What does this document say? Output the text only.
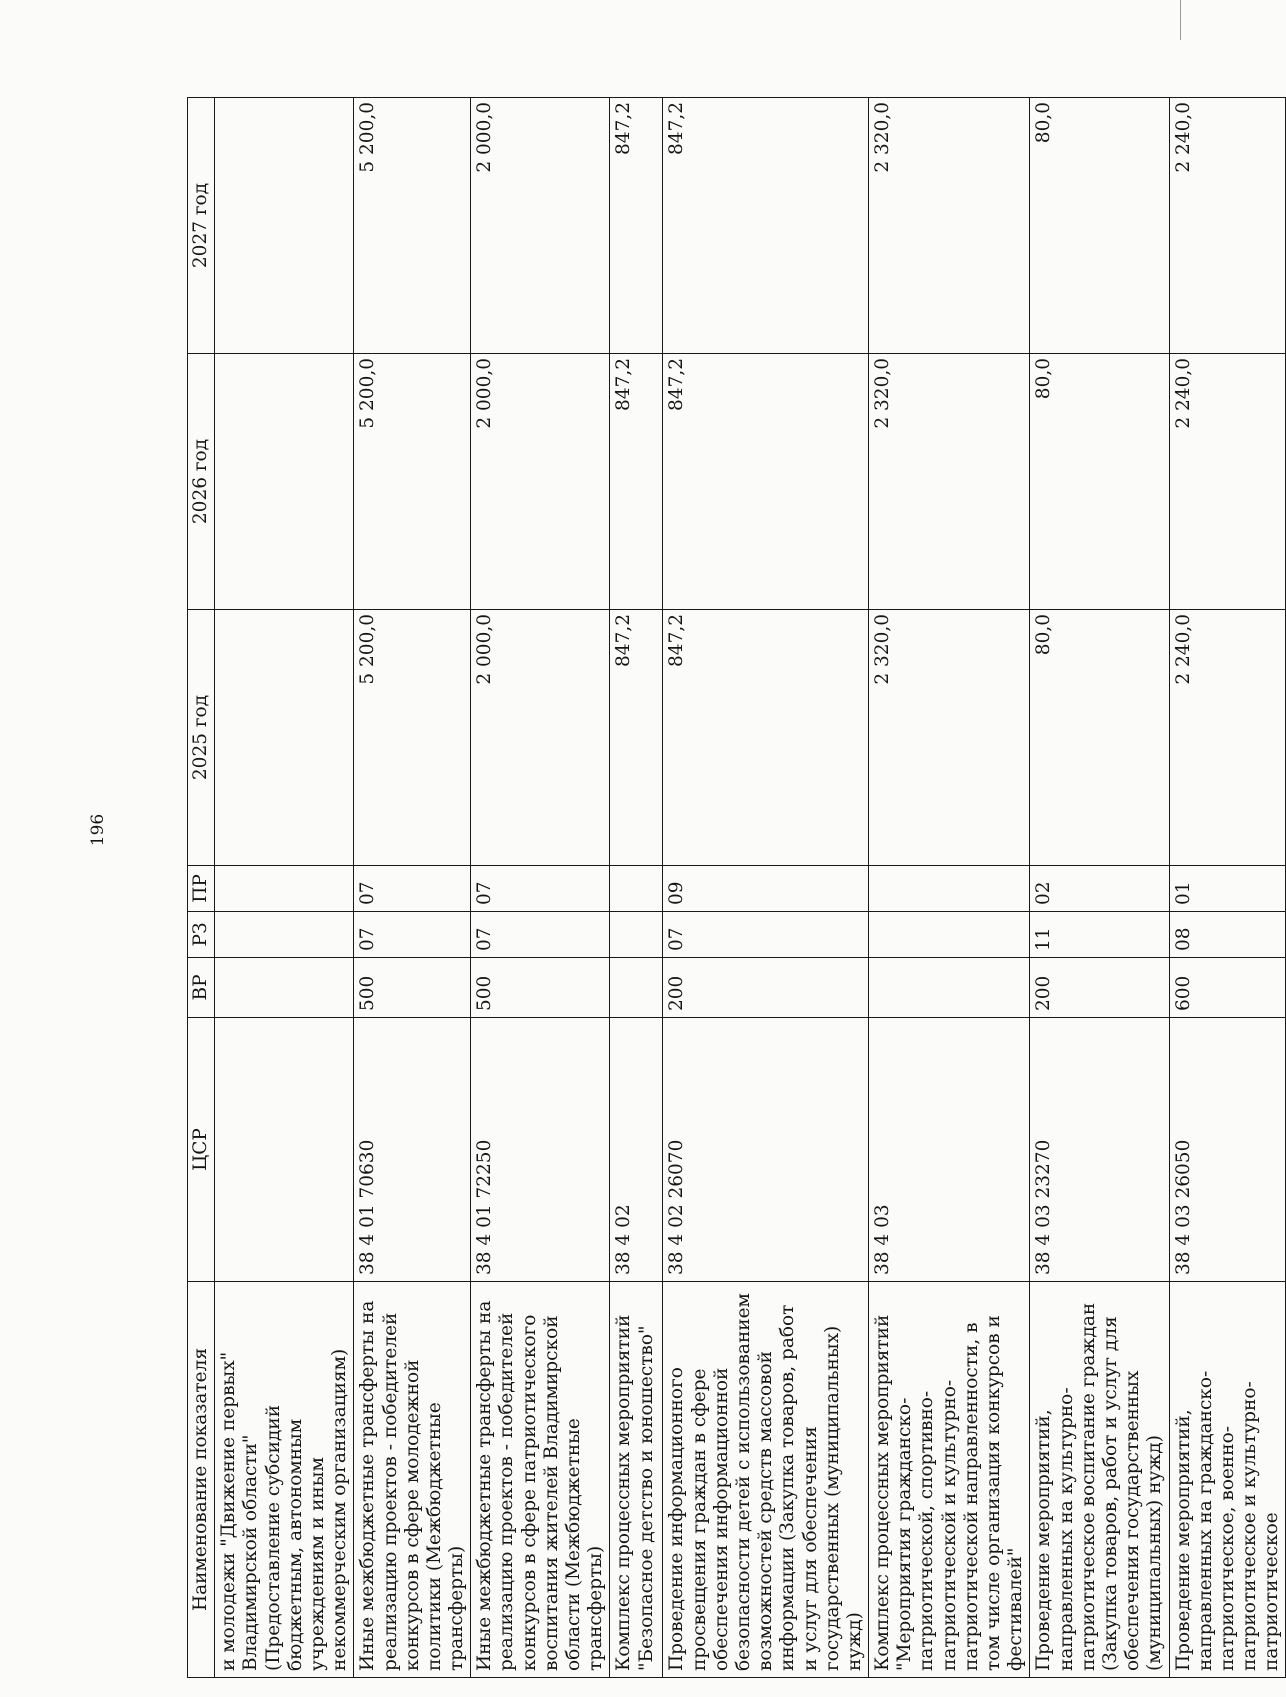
196
Наименование показателя	ЦСР	ВР	РЗ	ПР	2025 год	2026 год	2027 год
и молодежи "Движение первых" Владимирской области" (Предоставление субсидий бюджетным, автономным учреждениям и иным некоммерческим организациям)							
Иные межбюджетные трансферты на реализацию проектов - победителей конкурсов в сфере молодежной политики (Межбюджетные трансферты)	38 4 01 70630	500	07	07	5 200,0	5 200,0	5 200,0
Иные межбюджетные трансферты на реализацию проектов - победителей конкурсов в сфере патриотического воспитания жителей Владимирской области (Межбюджетные трансферты)	38 4 01 72250	500	07	07	2 000,0	2 000,0	2 000,0
Комплекс процессных мероприятий "Безопасное детство и юношество"	38 4 02				847,2	847,2	847,2
Проведение информационного просвещения граждан в сфере обеспечения информационной безопасности детей с использованием возможностей средств массовой информации (Закупка товаров, работ и услуг для обеспечения государственных (муниципальных) нужд)	38 4 02 26070	200	07	09	847,2	847,2	847,2
Комплекс процессных мероприятий "Мероприятия гражданско-патриотической, спортивно-патриотической и культурно-патриотической направленности, в том числе организация конкурсов и фестивалей"	38 4 03				2 320,0	2 320,0	2 320,0
Проведение мероприятий, направленных на культурно-патриотическое воспитание граждан (Закупка товаров, работ и услуг для обеспечения государственных (муниципальных) нужд)	38 4 03 23270	200	11	02	80,0	80,0	80,0
Проведение мероприятий, направленных на гражданско-патриотическое, военно-патриотическое и культурно-патриотическое	38 4 03 26050	600	08	01	2 240,0	2 240,0	2 240,0
